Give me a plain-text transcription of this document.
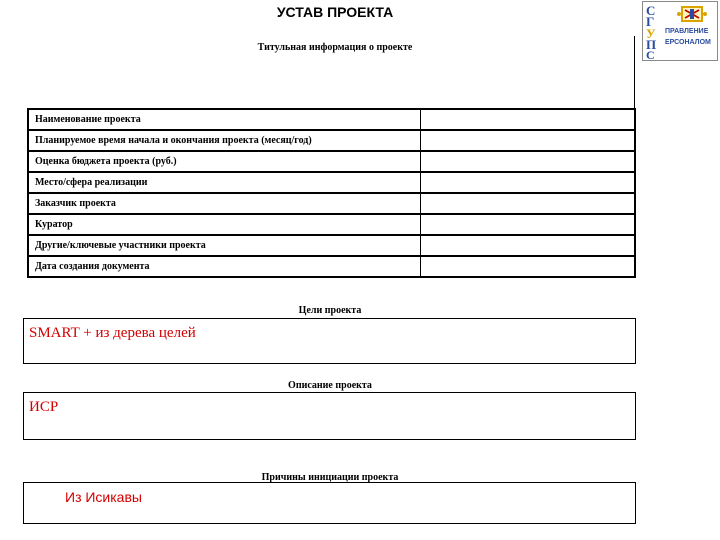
УСТАВ ПРОЕКТА
Титульная информация о проекте
С
Г
У
П
С
ПРАВЛЕНИЕ
ЕРСОНАЛОМ
Наименование проекта	
Планируемое время начала и окончания проекта (месяц/год)	
Оценка бюджета проекта (руб.)	
Место/сфера реализации	
Заказчик проекта	
Куратор	
Другие/ключевые участники проекта	
Дата создания документа	
Цели проекта
SMART + из дерева целей
Описание проекта
ИСР
Причины инициации проекта
Из Исикавы
